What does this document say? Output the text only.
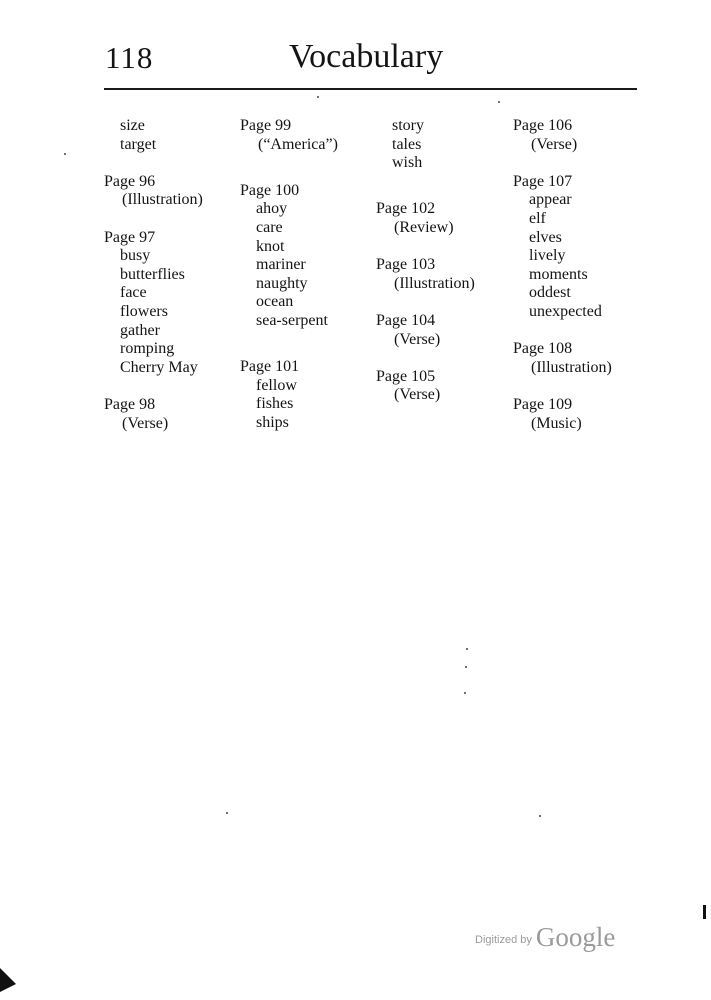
118	Vocabulary
size
target
Page 96
(Illustration)
Page 97
busy
butterflies
face
flowers
gather
romping
Cherry May
Page 98
(Verse)
Page 99
(“America”)
Page 100
ahoy
care
knot
mariner
naughty
ocean
sea-serpent
Page 101
fellow
fishes
ships
story
tales
wish
Page 102
(Review)
Page 103
(Illustration)
Page 104
(Verse)
Page 105
(Verse)
Page 106
(Verse)
Page 107
appear
elf
elves
lively
moments
oddest
unexpected
Page 108
(Illustration)
Page 109
(Music)
Digitized by Google
